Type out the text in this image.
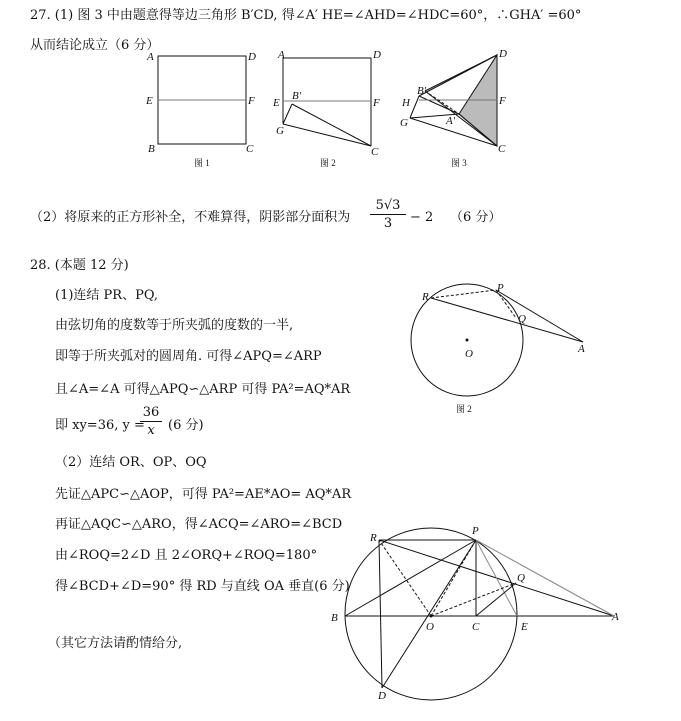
27. (1) 图 3 中由题意得等边三角形 B′CD, 得∠A′ HE=∠AHD=∠HDC=60°，∴GHA′ =60°
从而结论成立（6 分）
（2）将原来的正方形补全，不难算得，阴影部分面积为 $\frac{5√3}{3} - 2$ （6 分）
28. (本题 12 分)
(1)连结 PR、PQ,
由弦切角的度数等于所夹弧的度数的一半,
即等于所夹弧对的圆周角. 可得∠APQ=∠ARP
且∠A=∠A 可得△APQ∽△ARP 可得 PA²=AQ*AR
即 xy=36, y =
$\frac{36}{x} (6$ 分)
（2）连结 OR、OP、OQ
先证△APC∽△AOP，可得 PA²=AE*AO= AQ*AR
再证△AQC∽△ARO，得∠ACQ=∠ARO=∠BCD
由∠ROQ=2∠D 且 2∠ORQ+∠ROQ=180°
得∠BCD+∠D=90° 得 RD 与直线 OA 垂直(6 分)
（其它方法请酌情给分,
A	D
E	F
B	C
图 1
A	D
B′
E	F
G
C
图 2
D
B′
H	F
A′
G
C
图 3
R
P
Q
O	A
图 2
R
P
Q
B
O	C	E
A
D
